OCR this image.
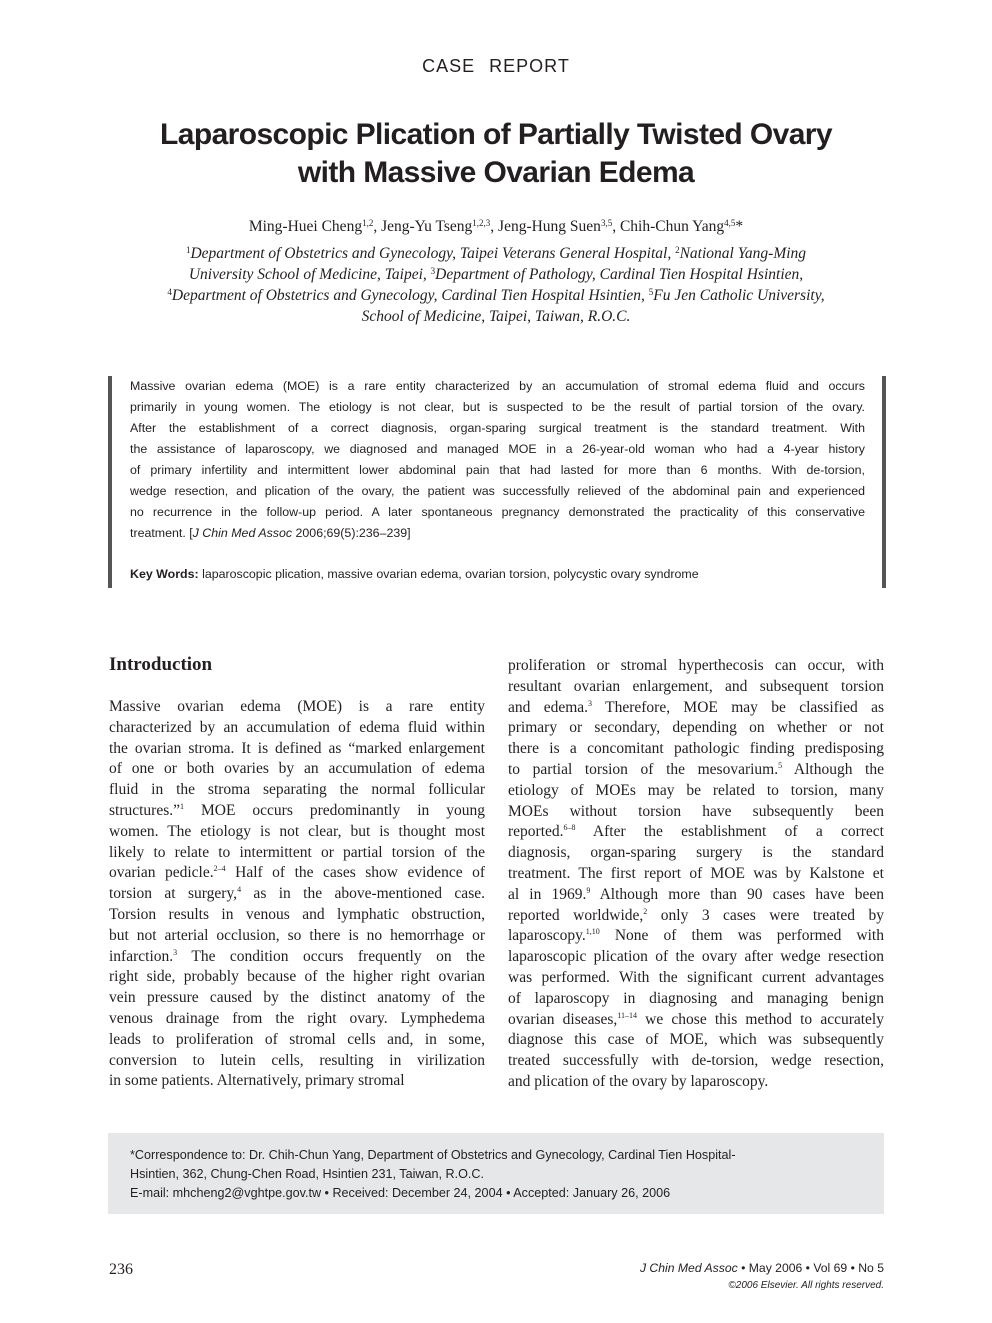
CASE REPORT
Laparoscopic Plication of Partially Twisted Ovary
with Massive Ovarian Edema
Ming-Huei Cheng$^{1,2}$, Jeng-Yu Tseng$^{1,2,3}$, Jeng-Hung Suen$^{3,5}$, Chih-Chun Yang$^{4,5}$*
$^1$Department of Obstetrics and Gynecology, Taipei Veterans General Hospital, $^2$National Yang-Ming
University School of Medicine, Taipei, $^3$Department of Pathology, Cardinal Tien Hospital Hsintien,
$^4$Department of Obstetrics and Gynecology, Cardinal Tien Hospital Hsintien, $^5$Fu Jen Catholic University,
School of Medicine, Taipei, Taiwan, R.O.C.
Massive ovarian edema (MOE) is a rare entity characterized by an accumulation of stromal edema fluid and occurs
primarily in young women. The etiology is not clear, but is suspected to be the result of partial torsion of the ovary.
After the establishment of a correct diagnosis, organ-sparing surgical treatment is the standard treatment. With
the assistance of laparoscopy, we diagnosed and managed MOE in a 26-year-old woman who had a 4-year history
of primary infertility and intermittent lower abdominal pain that had lasted for more than 6 months. With de-torsion,
wedge resection, and plication of the ovary, the patient was successfully relieved of the abdominal pain and experienced
no recurrence in the follow-up period. A later spontaneous pregnancy demonstrated the practicality of this conservative
treatment. [J Chin Med Assoc 2006;69(5):236–239]
Key Words: laparoscopic plication, massive ovarian edema, ovarian torsion, polycystic ovary syndrome
Introduction
Massive ovarian edema (MOE) is a rare entity
characterized by an accumulation of edema fluid within
the ovarian stroma. It is defined as “marked enlargement
of one or both ovaries by an accumulation of edema
fluid in the stroma separating the normal follicular
structures.”$^1$ MOE occurs predominantly in young
women. The etiology is not clear, but is thought most
likely to relate to intermittent or partial torsion of the
ovarian pedicle.$^{2-4}$ Half of the cases show evidence of
torsion at surgery,$^4$ as in the above-mentioned case.
Torsion results in venous and lymphatic obstruction,
but not arterial occlusion, so there is no hemorrhage or
infarction.$^3$ The condition occurs frequently on the
right side, probably because of the higher right ovarian
vein pressure caused by the distinct anatomy of the
venous drainage from the right ovary. Lymphedema
leads to proliferation of stromal cells and, in some,
conversion to lutein cells, resulting in virilization
in some patients. Alternatively, primary stromal
proliferation or stromal hyperthecosis can occur, with
resultant ovarian enlargement, and subsequent torsion
and edema.$^3$ Therefore, MOE may be classified as
primary or secondary, depending on whether or not
there is a concomitant pathologic finding predisposing
to partial torsion of the mesovarium.$^5$ Although the
etiology of MOEs may be related to torsion, many
MOEs without torsion have subsequently been
reported.$^{6-8}$ After the establishment of a correct
diagnosis, organ-sparing surgery is the standard
treatment. The first report of MOE was by Kalstone et
al in 1969.$^9$ Although more than 90 cases have been
reported worldwide,$^2$ only 3 cases were treated by
laparoscopy.$^{1,10}$ None of them was performed with
laparoscopic plication of the ovary after wedge resection
was performed. With the significant current advantages
of laparoscopy in diagnosing and managing benign
ovarian diseases,$^{11-14}$ we chose this method to accurately
diagnose this case of MOE, which was subsequently
treated successfully with de-torsion, wedge resection,
and plication of the ovary by laparoscopy.
*Correspondence to: Dr. Chih-Chun Yang, Department of Obstetrics and Gynecology, Cardinal Tien Hospital-
Hsintien, 362, Chung-Chen Road, Hsintien 231, Taiwan, R.O.C.
E-mail: mhcheng2@vghtpe.gov.tw • Received: December 24, 2004 • Accepted: January 26, 2006
236	J Chin Med Assoc • May 2006 • Vol 69 • No 5
©2006 Elsevier. All rights reserved.
